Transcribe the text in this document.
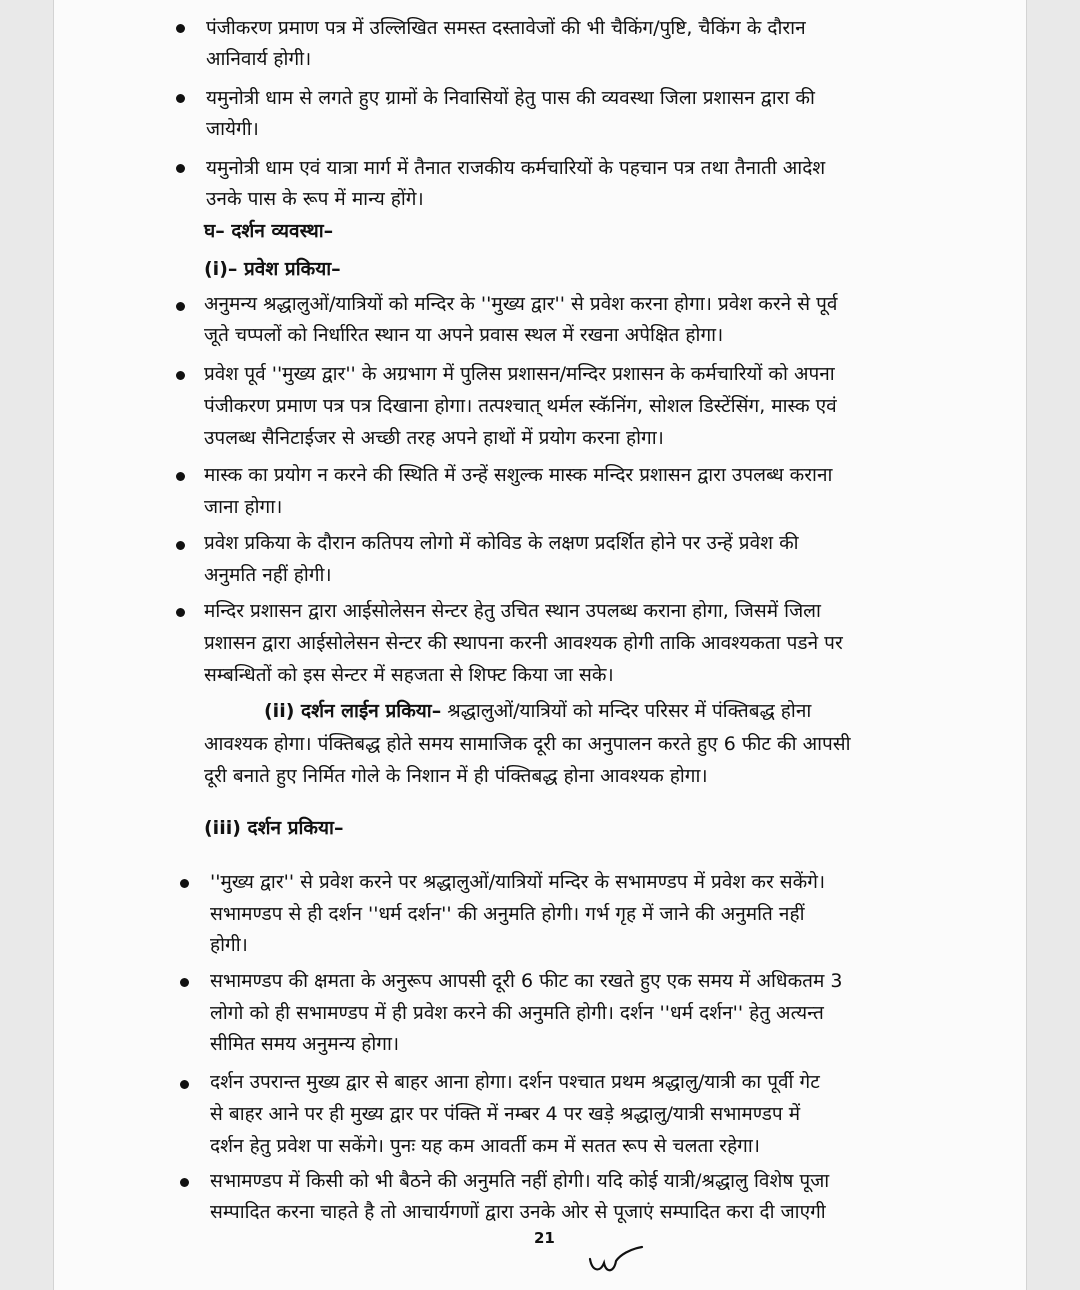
पंजीकरण प्रमाण पत्र में उल्लिखित समस्त दस्तावेजों की भी चैकिंग/पुष्टि, चैकिंग के दौरान
आनिवार्य होगी।
यमुनोत्री धाम से लगते हुए ग्रामों के निवासियों हेतु पास की व्यवस्था जिला प्रशासन द्वारा की
जायेगी।
यमुनोत्री धाम एवं यात्रा मार्ग में तैनात राजकीय कर्मचारियों के पहचान पत्र तथा तैनाती आदेश
उनके पास के रूप में मान्य होंगे।
घ– दर्शन व्यवस्था–
(i)– प्रवेश प्रकिया–
अनुमन्य श्रद्धालुओं/यात्रियों को मन्दिर के ''मुख्य द्वार'' से प्रवेश करना होगा। प्रवेश करने से पूर्व
जूते चप्पलों को निर्धारित स्थान या अपने प्रवास स्थल में रखना अपेक्षित होगा।
प्रवेश पूर्व ''मुख्य द्वार'' के अग्रभाग में पुलिस प्रशासन/मन्दिर प्रशासन के कर्मचारियों को अपना
पंजीकरण प्रमाण पत्र पत्र दिखाना होगा। तत्पश्चात् थर्मल स्कॅनिंग, सोशल डिस्टेंसिंग, मास्क एवं
उपलब्ध सैनिटाईजर से अच्छी तरह अपने हाथों में प्रयोग करना होगा।
मास्क का प्रयोग न करने की स्थिति में उन्हें सशुल्क मास्क मन्दिर प्रशासन द्वारा उपलब्ध कराना
जाना होगा।
प्रवेश प्रकिया के दौरान कतिपय लोगो में कोविड के लक्षण प्रदर्शित होने पर उन्हें प्रवेश की
अनुमति नहीं होगी।
मन्दिर प्रशासन द्वारा आईसोलेसन सेन्टर हेतु उचित स्थान उपलब्ध कराना होगा, जिसमें जिला
प्रशासन द्वारा आईसोलेसन सेन्टर की स्थापना करनी आवश्यक होगी ताकि आवश्यकता पडने पर
सम्बन्धितों को इस सेन्टर में सहजता से शिफ्ट किया जा सके।
(ii) दर्शन लाईन प्रकिया– श्रद्धालुओं/यात्रियों को मन्दिर परिसर में पंक्तिबद्ध होना
आवश्यक होगा। पंक्तिबद्ध होते समय सामाजिक दूरी का अनुपालन करते हुए 6 फीट की आपसी
दूरी बनाते हुए निर्मित गोले के निशान में ही पंक्तिबद्ध होना आवश्यक होगा।
(iii) दर्शन प्रकिया–
''मुख्य द्वार'' से प्रवेश करने पर श्रद्धालुओं/यात्रियों मन्दिर के सभामण्डप में प्रवेश कर सकेंगे।
सभामण्डप से ही दर्शन ''धर्म दर्शन'' की अनुमति होगी। गर्भ गृह में जाने की अनुमति नहीं
होगी।
सभामण्डप की क्षमता के अनुरूप आपसी दूरी 6 फीट का रखते हुए एक समय में अधिकतम 3
लोगो को ही सभामण्डप में ही प्रवेश करने की अनुमति होगी। दर्शन ''धर्म दर्शन'' हेतु अत्यन्त
सीमित समय अनुमन्य होगा।
दर्शन उपरान्त मुख्य द्वार से बाहर आना होगा। दर्शन पश्चात प्रथम श्रद्धालु/यात्री का पूर्वी गेट
से बाहर आने पर ही मुख्य द्वार पर पंक्ति में नम्बर 4 पर खड़े श्रद्धालु/यात्री सभामण्डप में
दर्शन हेतु प्रवेश पा सकेंगे। पुनः यह कम आवर्ती कम में सतत रूप से चलता रहेगा।
सभामण्डप में किसी को भी बैठने की अनुमति नहीं होगी। यदि कोई यात्री/श्रद्धालु विशेष पूजा
सम्पादित करना चाहते है तो आचार्यगणों द्वारा उनके ओर से पूजाएं सम्पादित करा दी जाएगी
21
